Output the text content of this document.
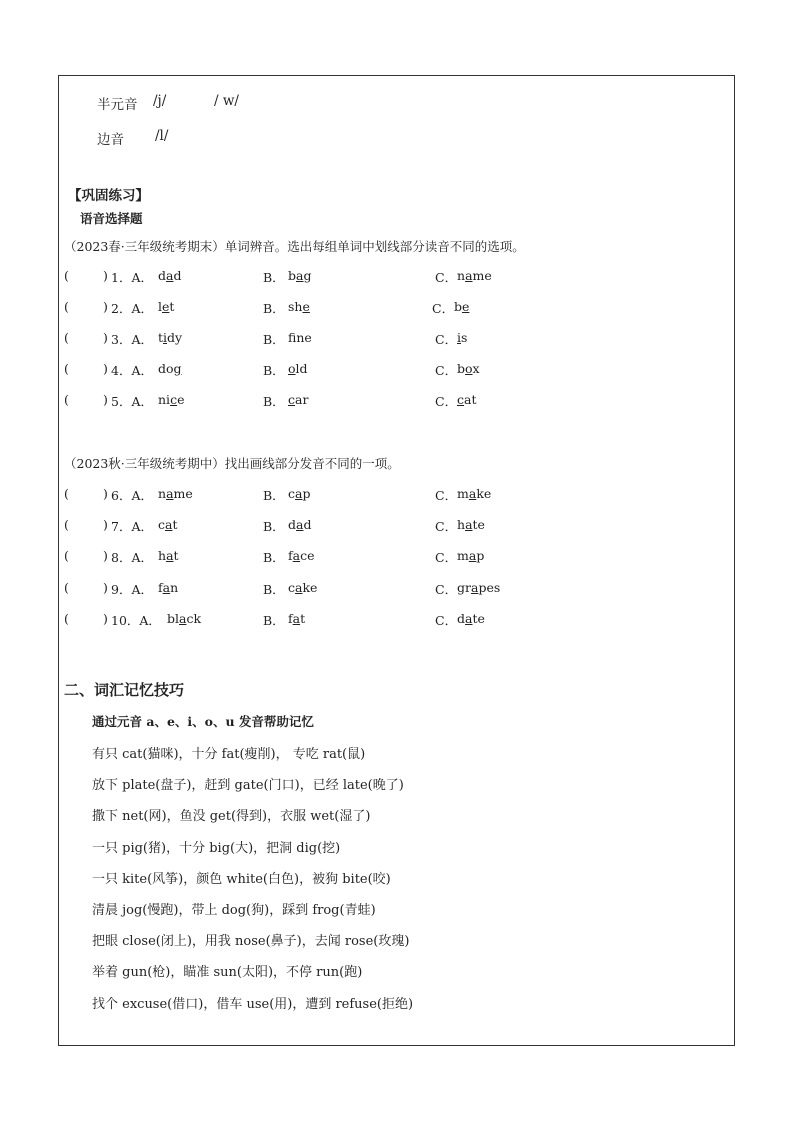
半元音 /j/	/ w/
边音 /l/
【巩固练习】
语音选择题
（2023春·三年级统考期末）单词辨音。选出每组单词中划线部分读音不同的选项。
（2023秋·三年级统考期中）找出画线部分发音不同的一项。
(	) 1．A． dad	B． bag	C． name
(	) 2．A． let	B． she	C． be
(	) 3．A． tidy	B． fne	C． is
(	) 4．A． dog	B． old	C． box
(	) 5．A． nice	B． car	C． cat
(	) 6．A． name	B． cap	C． make
(	) 7．A． cat	B． dad	C． hate
(	) 8．A． hat	B． face	C． map
(	) 9．A． fan	B． cake	C． grapes
(	) 10．A． black	B． fat	C． date
二、词汇记忆技巧
通过元音 a、e、i、o、u 发音帮助记忆
有只 cat(猫咪)，十分 fat(瘦削)， 专吃 rat(鼠)
放下 plate(盘子)，赶到 gate(门口)，已经 late(晚了)
撒下 net(网)，鱼没 get(得到)，衣服 wet(湿了)
一只 pig(猪)，十分 big(大)，把洞 dig(挖)
一只 kite(风筝)，颜色 white(白色)，被狗 bite(咬)
清晨 jog(慢跑)，带上 dog(狗)，踩到 frog(青蛙)
把眼 close(闭上)，用我 nose(鼻子)，去闻 rose(玫瑰)
举着 gun(枪)，瞄准 sun(太阳)，不停 run(跑)
找个 excuse(借口)，借车 use(用)，遭到 refuse(拒绝)
